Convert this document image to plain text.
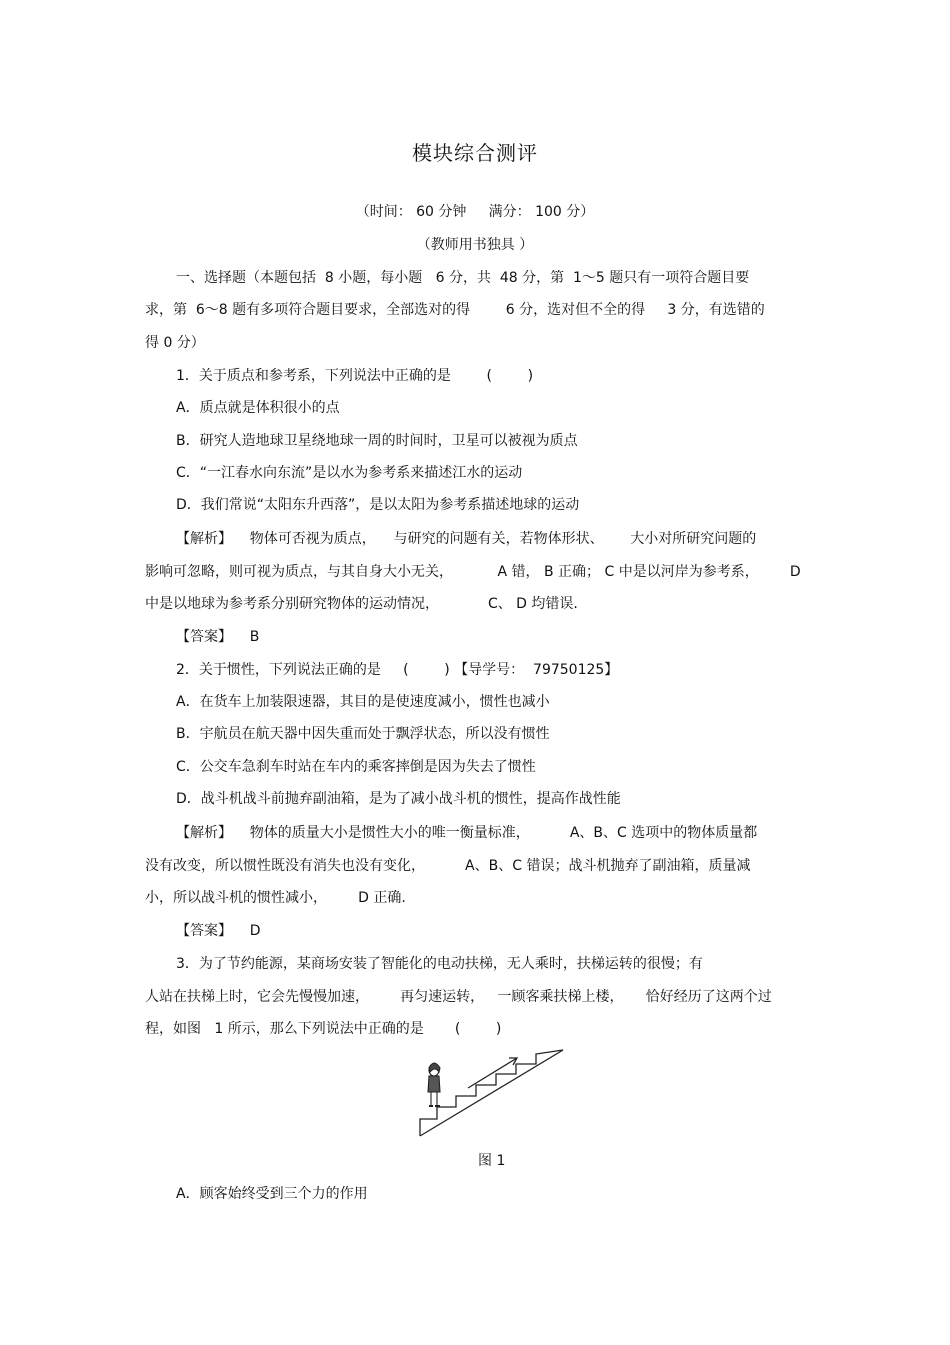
模块综合测评
（时间： 60 分钟     满分： 100 分）
（教师用书独具 ）
一、选择题（本题包括  8 小题，每小题   6 分，共  48 分，第  1～5 题只有一项符合题目要
求，第  6～8 题有多项符合题目要求，全部选对的得        6 分，选对但不全的得     3 分，有选错的
得 0 分）
1．关于质点和参考系，下列说法中正确的是        (        )
A．质点就是体积很小的点
B．研究人造地球卫星绕地球一周的时间时，卫星可以被视为质点
C．“一江春水向东流”是以水为参考系来描述江水的运动
D．我们常说“太阳东升西落”，是以太阳为参考系描述地球的运动
【解析】    物体可否视为质点，    与研究的问题有关，若物体形状、      大小对所研究问题的
影响可忽略，则可视为质点，与其自身大小无关，          A 错， B 正确； C 中是以河岸为参考系，       D
中是以地球为参考系分别研究物体的运动情况，           C、 D 均错误.
【答案】    B
2．关于惯性，下列说法正确的是     (        ) 【导学号：  79750125】
A．在货车上加装限速器，其目的是使速度减小，惯性也减小
B．宇航员在航天器中因失重而处于飘浮状态，所以没有惯性
C．公交车急刹车时站在车内的乘客摔倒是因为失去了惯性
D．战斗机战斗前抛弃副油箱，是为了减小战斗机的惯性，提高作战性能
【解析】    物体的质量大小是惯性大小的唯一衡量标准，         A、B、C 选项中的物体质量都
没有改变，所以惯性既没有消失也没有变化，         A、B、C 错误；战斗机抛弃了副油箱，质量减
小，所以战斗机的惯性减小，       D 正确.
【答案】    D
3．为了节约能源，某商场安装了智能化的电动扶梯，无人乘时，扶梯运转的很慢；有
人站在扶梯上时，它会先慢慢加速，       再匀速运转，   一顾客乘扶梯上楼，     恰好经历了这两个过
程，如图   1 所示，那么下列说法中正确的是       (        )
图 1
A．顾客始终受到三个力的作用
